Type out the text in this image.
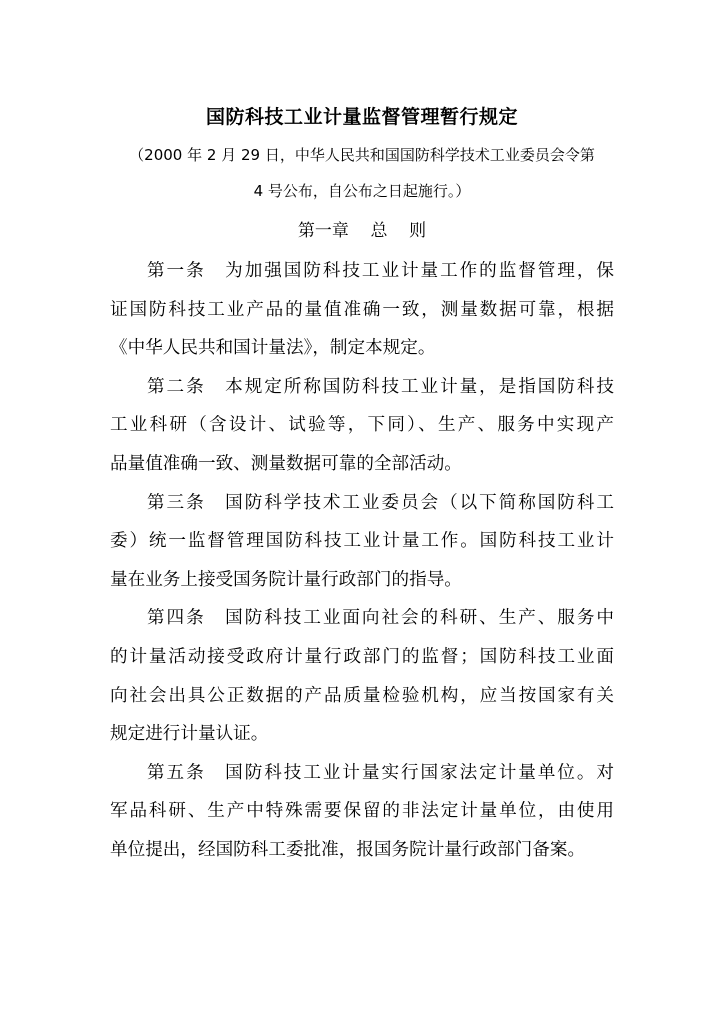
国防科技工业计量监督管理暂行规定
（2000 年 2 月 29 日，中华人民共和国国防科学技术工业委员会令第
4 号公布，自公布之日起施行。）
第一章    总    则
第一条　 为加强国防科技工业计量工作的监督管理，保
证国防科技工业产品的量值准确一致，测量数据可靠，根据
《中华人民共和国计量法》，制定本规定。
第二条　 本规定所称国防科技工业计量，是指国防科技
工业科研（含设计、试验等，下同）、生产、服务中实现产
品量值准确一致、测量数据可靠的全部活动。
第三条　 国防科学技术工业委员会（以下简称国防科工
委）统一监督管理国防科技工业计量工作。国防科技工业计
量在业务上接受国务院计量行政部门的指导。
第四条　 国防科技工业面向社会的科研、生产、服务中
的计量活动接受政府计量行政部门的监督；国防科技工业面
向社会出具公正数据的产品质量检验机构，应当按国家有关
规定进行计量认证。
第五条　 国防科技工业计量实行国家法定计量单位。对
军品科研、生产中特殊需要保留的非法定计量单位，由使用
单位提出，经国防科工委批准，报国务院计量行政部门备案。
